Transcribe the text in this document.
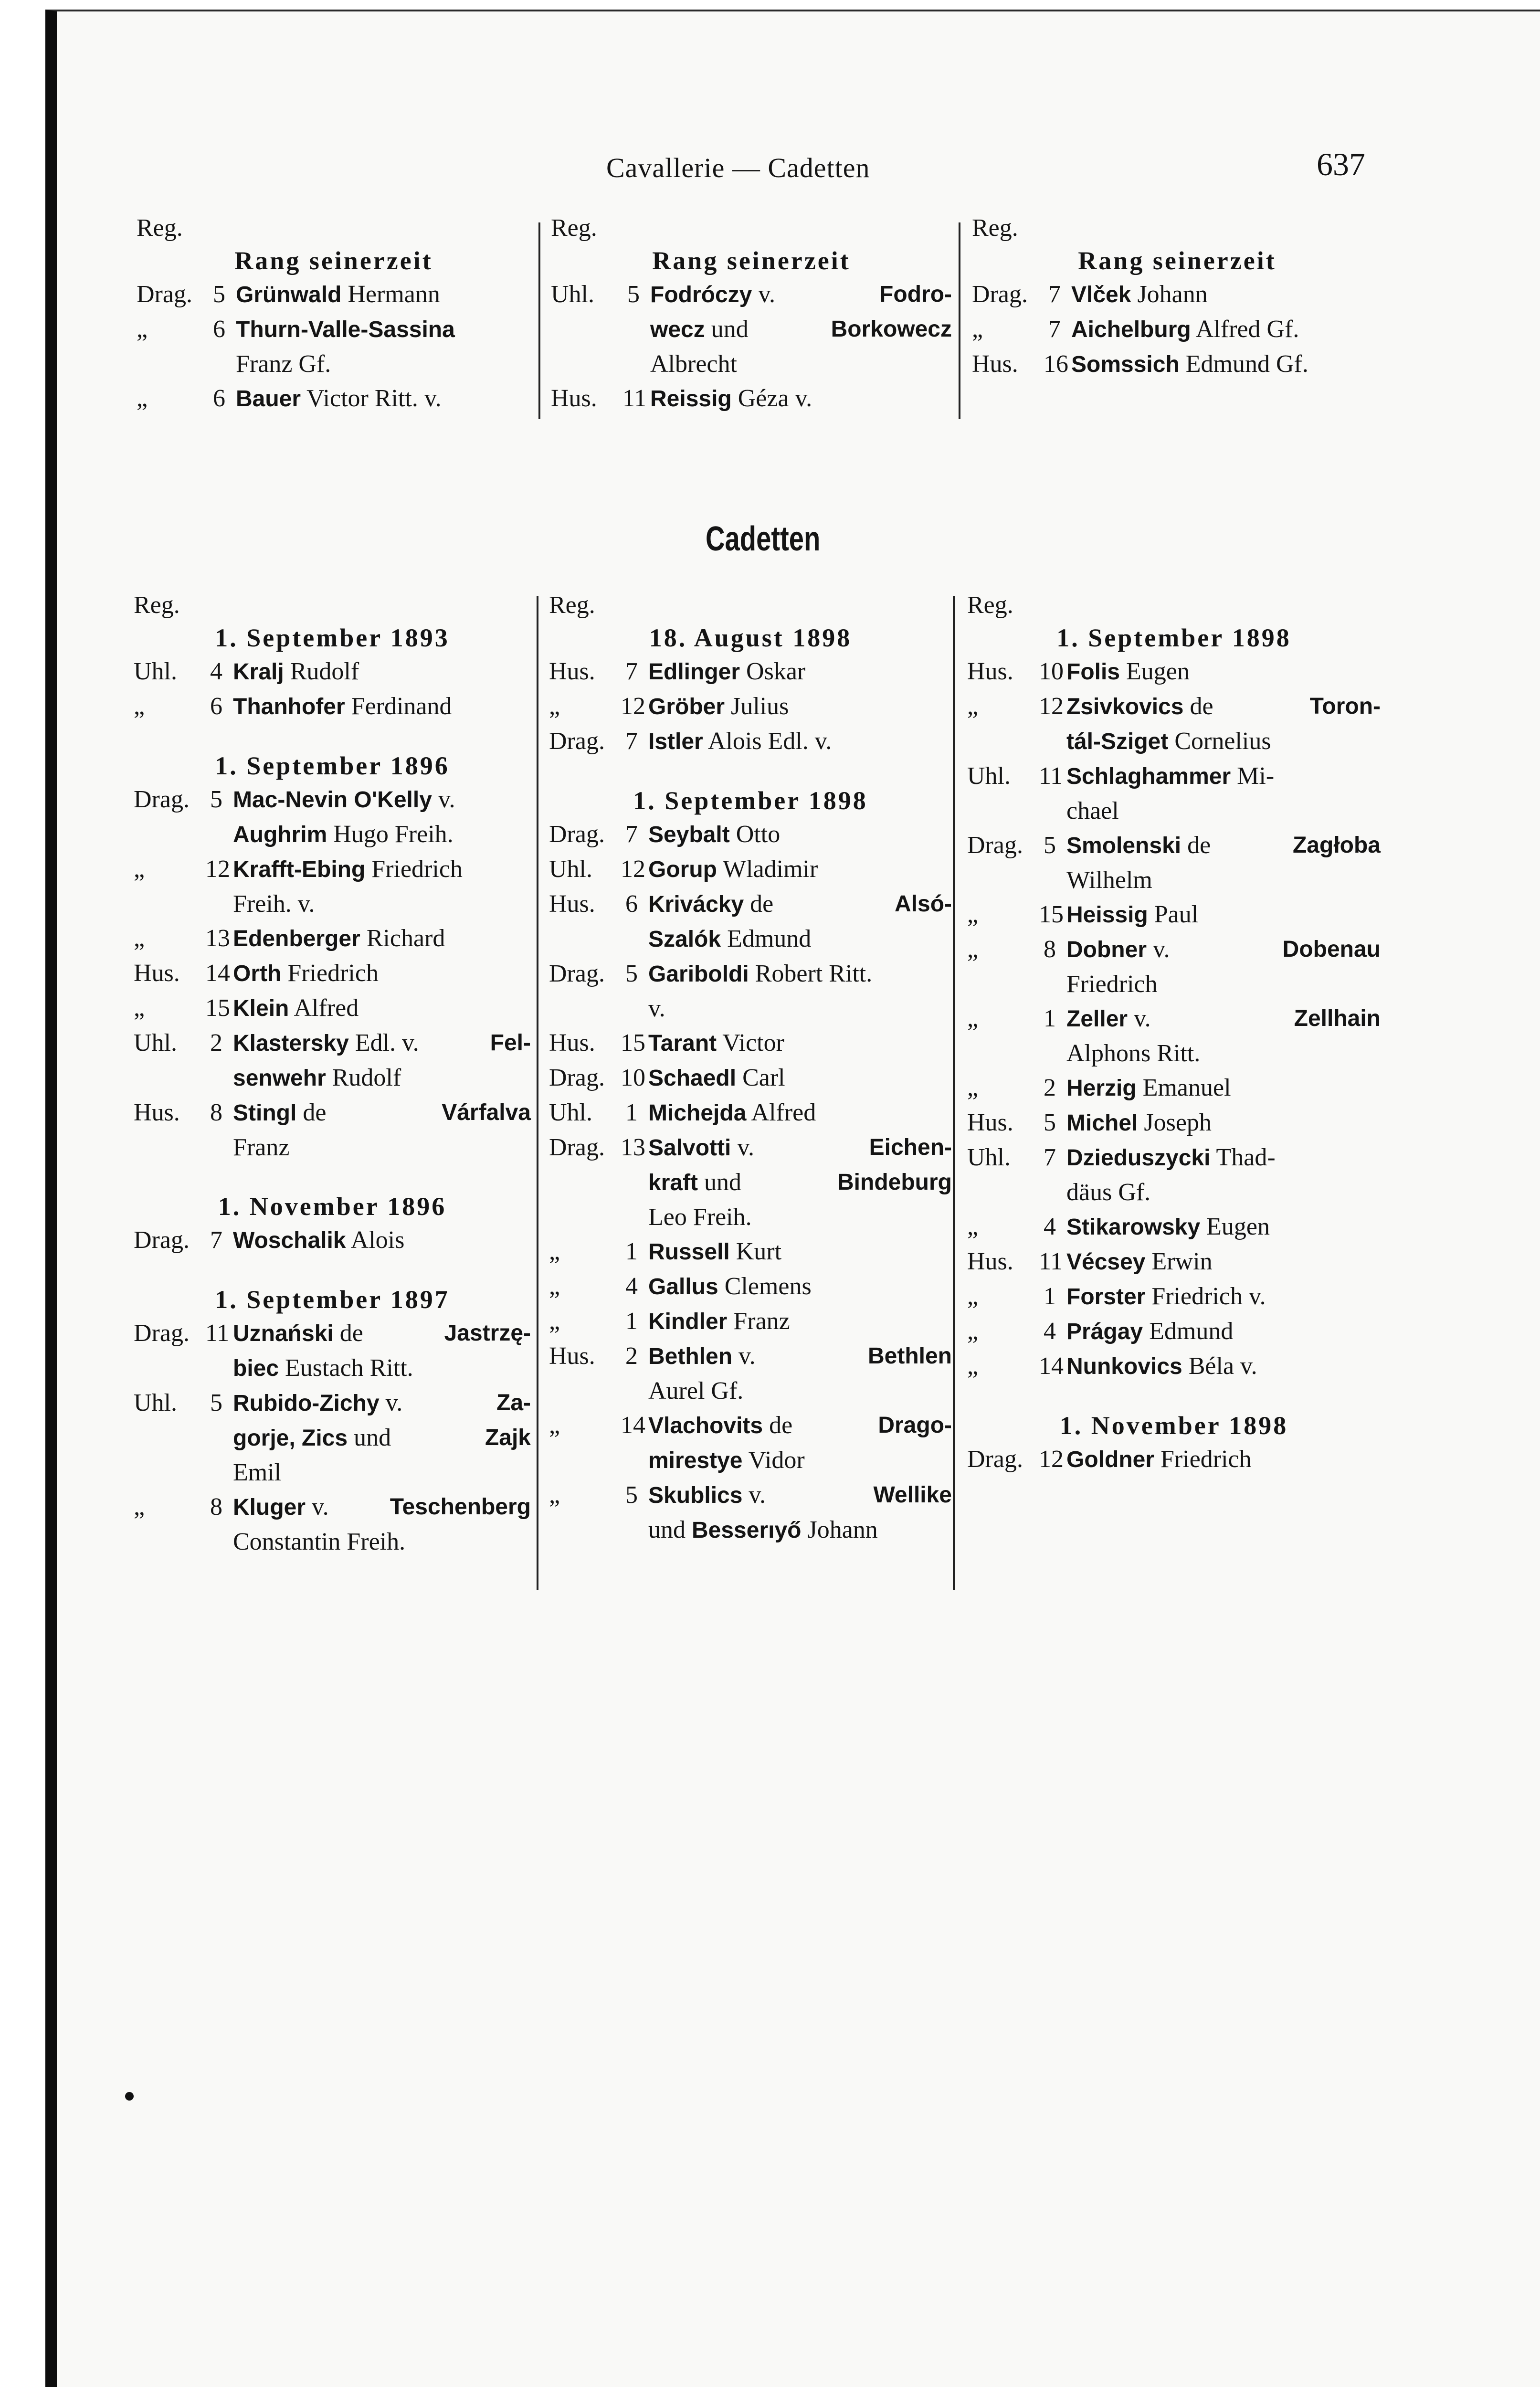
Cavallerie — Cadetten	637
Reg.
Rang seinerzeit
Drag. 5 Grünwald Hermann
„	6 Thurn-Valle-Sassina
Franz Gf.
„	6 Bauer Victor Ritt. v.
Reg.
Rang seinerzeit
Uhl.	5 Fodróczy v.	Fodro-
wecz und	Borkowecz
Albrecht
Hus.	11 Reissig Géza v.
Reg.
Rang seinerzeit
Drag. 7 Vlček Johann
„	7 Aichelburg Alfred Gf.
Hus.	16 Somssich Edmund Gf.
Cadetten
Reg.
1. September 1893
Uhl.	4 Kralj Rudolf
„	6 Thanhofer Ferdinand
1. September 1896
Drag. 5 Mac-Nevin O'Kelly v.
Aughrim Hugo Freih.
„	12 Krafft-Ebing Friedrich
Freih. v.
„	13 Edenberger Richard
Hus.	14 Orth Friedrich
„	15 Klein Alfred
Uhl.	2 Klastersky Edl. v.	Fel-
senwehr Rudolf
Hus.	8 Stingl de	Várfalva
Franz
1. November 1896
Drag. 7 Woschalik Alois
1. September 1897
Drag. 11 Uznański de	Jastrzę-
biec Eustach Ritt.
Uhl.	5 Rubido-Zichy v.	Za-
gorje, Zics und	Zajk
Emil
„	8 Kluger v.	Teschenberg
Constantin Freih.
Reg.
18. August 1898
Hus.	7 Edlinger Oskar
„	12 Gröber Julius
Drag. 7 Istler Alois Edl. v.
1. September 1898
Drag. 7 Seybalt Otto
Uhl.	12 Gorup Wladimir
Hus.	6 Krivácky de	Alsó-
Szalók Edmund
Drag. 5 Gariboldi Robert Ritt.
v.
Hus.	15 Tarant Victor
Drag. 10 Schaedl Carl
Uhl.	1 Michejda Alfred
Drag. 13 Salvotti v.	Eichen-
kraft und	Bindeburg
Leo Freih.
„	1 Russell Kurt
„	4 Gallus Clemens
„	1 Kindler Franz
Hus.	2 Bethlen v.	Bethlen
Aurel Gf.
„	14 Vlachovits de	Drago-
mirestye Vidor
„	5 Skublics v.	Wellike
und Besserıyő Johann
Reg.
1. September 1898
Hus.	10 Folis Eugen
„	12 Zsivkovics de	Toron-
tál-Sziget Cornelius
Uhl.	11 Schlaghammer Mi-
chael
Drag. 5 Smolenski de	Zagłoba
Wilhelm
„	15 Heissig Paul
„	8 Dobner v.	Dobenau
Friedrich
„	1 Zeller v.	Zellhain
Alphons Ritt.
„	2 Herzig Emanuel
Hus.	5 Michel Joseph
Uhl.	7 Dzieduszycki Thad-
däus Gf.
„	4 Stikarowsky Eugen
Hus.	11 Vécsey Erwin
„	1 Forster Friedrich v.
„	4 Prágay Edmund
„	14 Nunkovics Béla v.
1. November 1898
Drag. 12 Goldner Friedrich
